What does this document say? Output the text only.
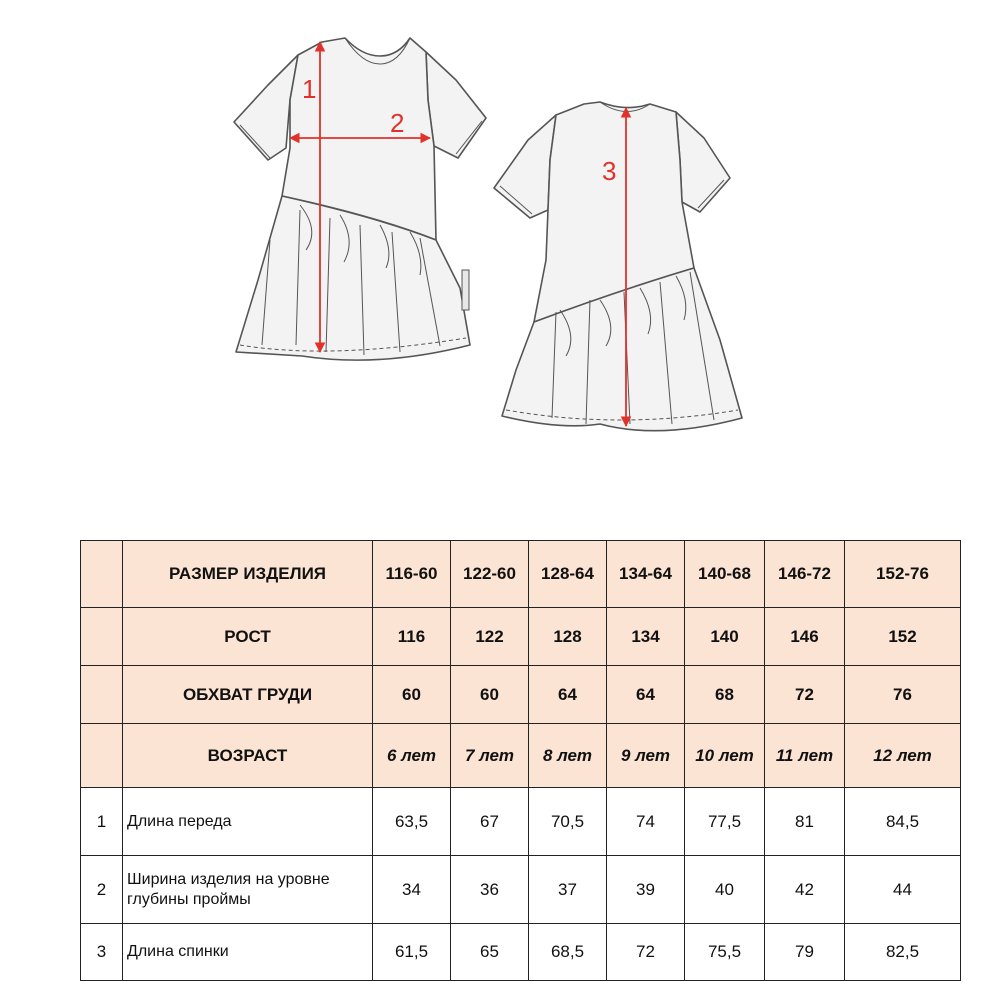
1
2
3
	РАЗМЕР ИЗДЕЛИЯ	116-60	122-60	128-64	134-64	140-68	146-72	152-76
	РОСТ	116	122	128	134	140	146	152
	ОБХВАТ ГРУДИ	60	60	64	64	68	72	76
	ВОЗРАСТ	6 лет	7 лет	8 лет	9 лет	10 лет	11 лет	12 лет
1	Длина переда	63,5	67	70,5	74	77,5	81	84,5
2	Ширина изделия на уровне глубины проймы	34	36	37	39	40	42	44
3	Длина спинки	61,5	65	68,5	72	75,5	79	82,5
